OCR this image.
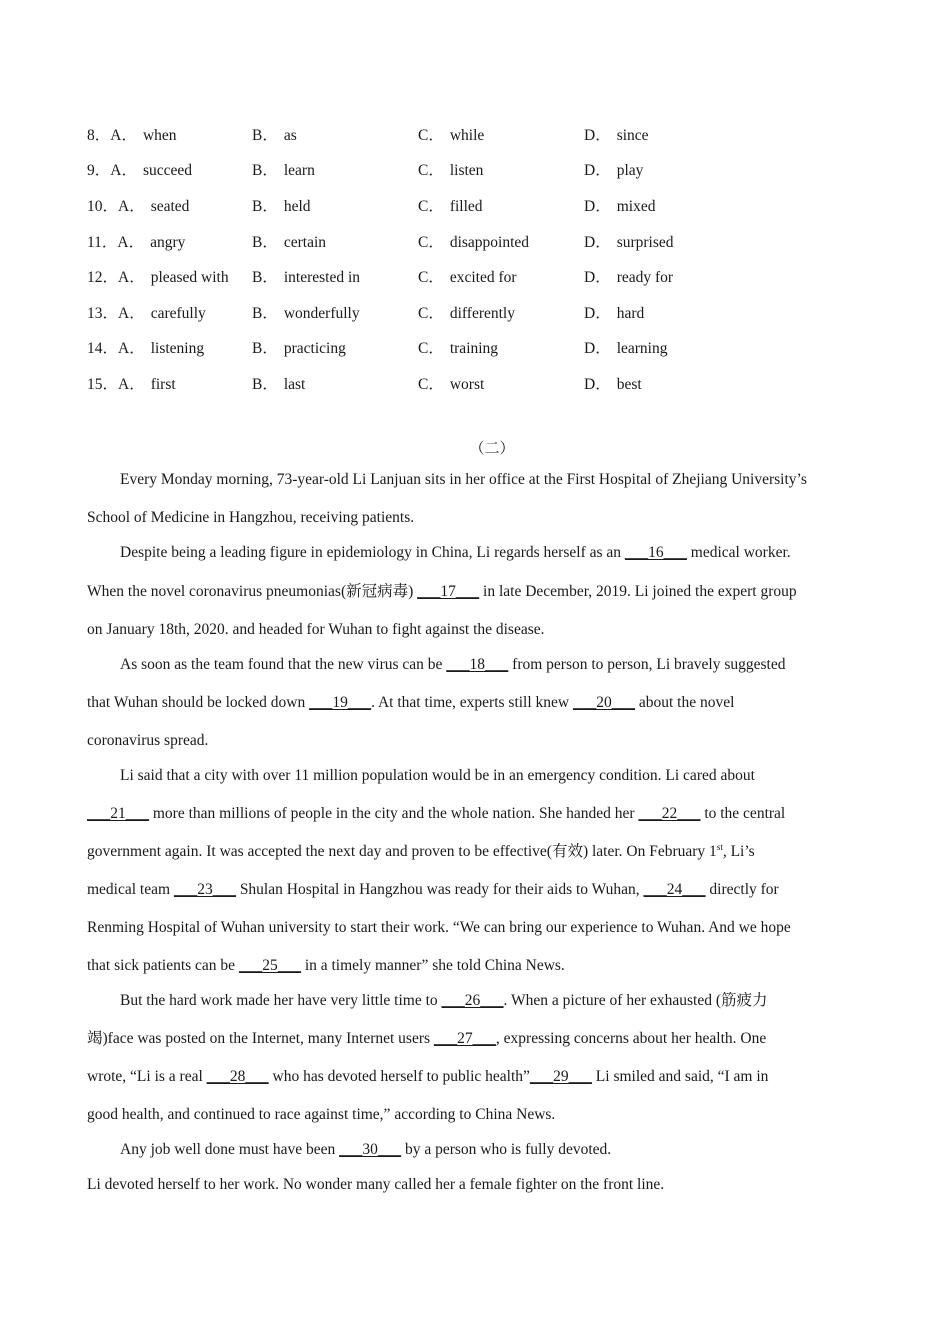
8．A． when	B． as	C． while	D． since
9．A． succeed	B． learn	C． listen	D． play
10．A． seated	B． held	C． filled	D． mixed
11．A． angry	B． certain	C． disappointed	D． surprised
12．A． pleased with B． interested in	C． excited for	D． ready for
13．A． carefully	B． wonderfully	C． differently	D． hard
14．A． listening	B． practicing	C． training	D． learning
15．A． first	B． last	C． worst	D． best
（二）
Every Monday morning, 73-year-old Li Lanjuan sits in her office at the First Hospital of Zhejiang University’s
School of Medicine in Hangzhou, receiving patients.
Despite being a leading figure in epidemiology in China, Li regards herself as an ___16___ medical worker.
When the novel coronavirus pneumonias(新冠病毒) ___17___ in late December, 2019. Li joined the expert group
on January 18th, 2020. and headed for Wuhan to fight against the disease.
As soon as the team found that the new virus can be ___18___ from person to person, Li bravely suggested
that Wuhan should be locked down ___19___. At that time, experts still knew ___20___ about the novel
coronavirus spread.
Li said that a city with over 11 million population would be in an emergency condition. Li cared about
___21___ more than millions of people in the city and the whole nation. She handed her ___22___ to the central
government again. It was accepted the next day and proven to be effective(有效) later. On February 1st, Li’s
medical team ___23___ Shulan Hospital in Hangzhou was ready for their aids to Wuhan, ___24___ directly for
Renming Hospital of Wuhan university to start their work. “We can bring our experience to Wuhan. And we hope
that sick patients can be ___25___ in a timely manner” she told China News.
But the hard work made her have very little time to ___26___. When a picture of her exhausted (筋疲力
竭)face was posted on the Internet, many Internet users ___27___, expressing concerns about her health. One
wrote, “Li is a real ___28___ who has devoted herself to public health”___29___ Li smiled and said, “I am in
good health, and continued to race against time,” according to China News.
Any job well done must have been ___30___ by a person who is fully devoted.
Li devoted herself to her work. No wonder many called her a female fighter on the front line.
